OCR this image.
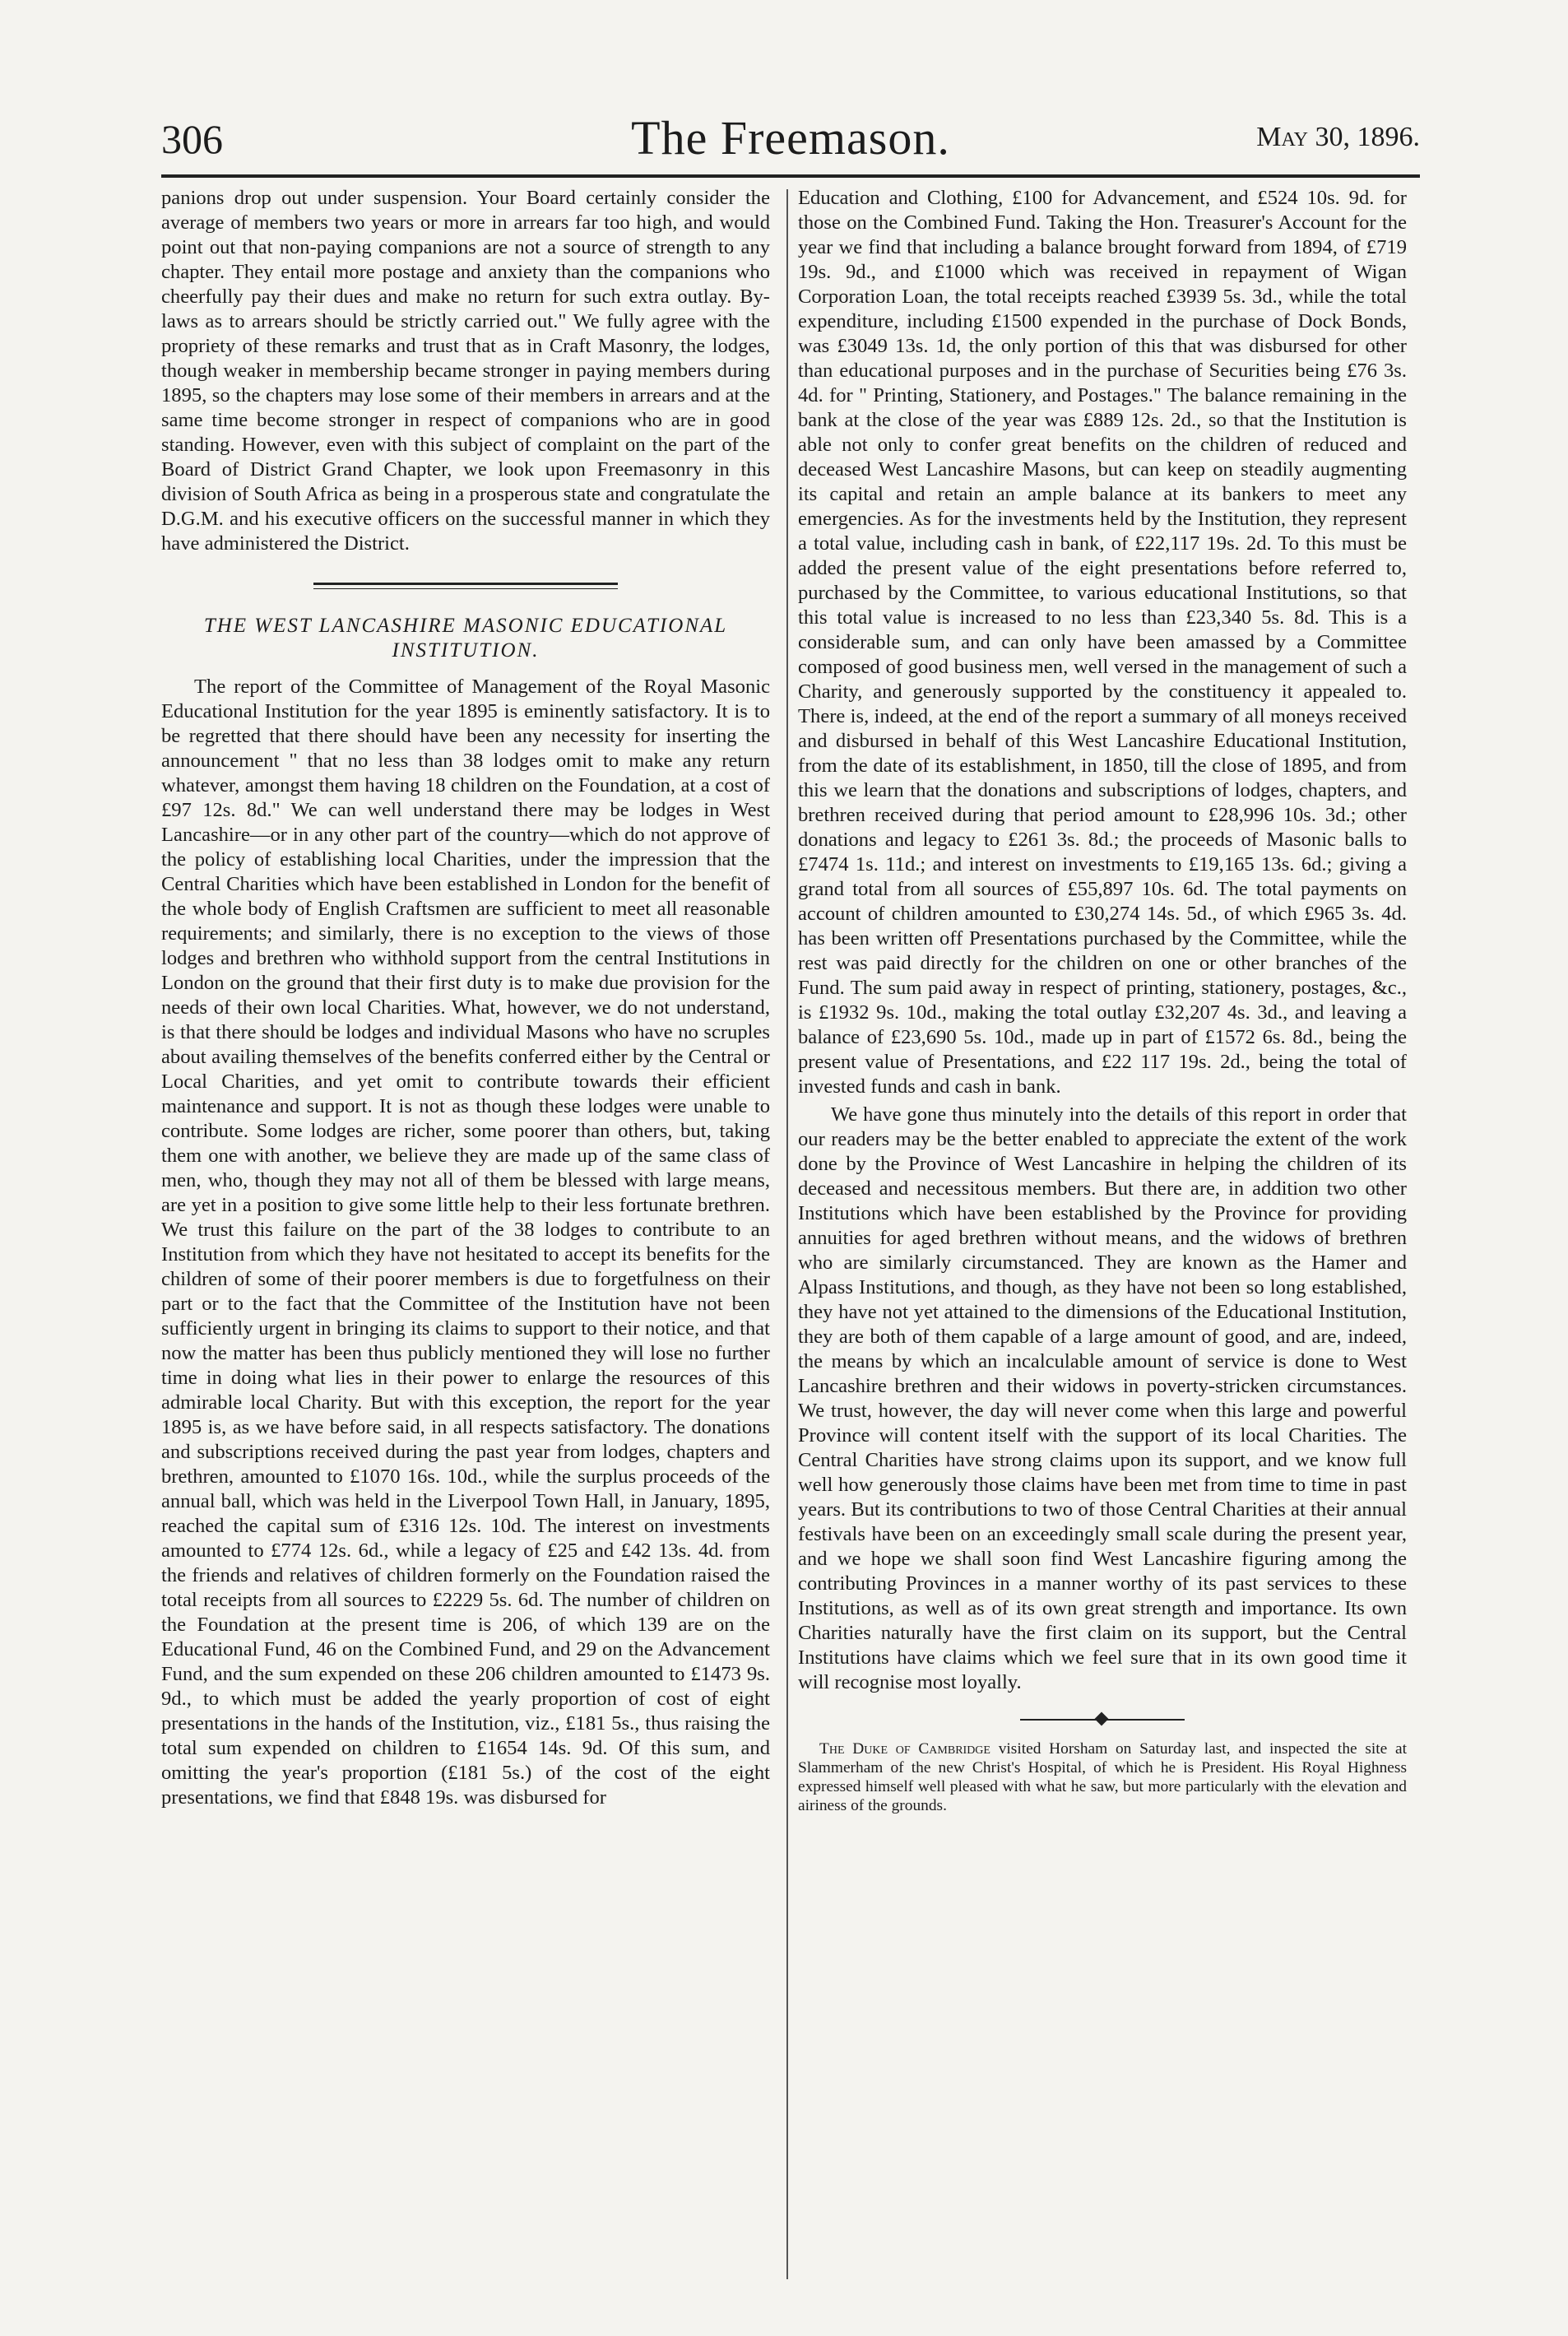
306	The Freemason.	May 30, 1896.

panions drop out under suspension. Your Board certainly consider the average of members two years or more in arrears far too high, and would point out that non-paying companions are not a source of strength to any chapter. They entail more postage and anxiety than the companions who cheerfully pay their dues and make no return for such extra outlay. By-laws as to arrears should be strictly carried out." We fully agree with the propriety of these remarks and trust that as in Craft Masonry, the lodges, though weaker in membership became stronger in paying members during 1895, so the chapters may lose some of their members in arrears and at the same time become stronger in respect of companions who are in good standing. However, even with this subject of complaint on the part of the Board of District Grand Chapter, we look upon Freemasonry in this division of South Africa as being in a prosperous state and congratulate the D.G.M. and his executive officers on the successful manner in which they have administered the District.

THE WEST LANCASHIRE MASONIC EDUCATIONAL INSTITUTION.

The report of the Committee of Management of the Royal Masonic Educational Institution for the year 1895 is eminently satisfactory. It is to be regretted that there should have been any necessity for inserting the announcement " that no less than 38 lodges omit to make any return whatever, amongst them having 18 children on the Foundation, at a cost of £97 12s. 8d." We can well understand there may be lodges in West Lancashire—or in any other part of the country—which do not approve of the policy of establishing local Charities, under the impression that the Central Charities which have been established in London for the benefit of the whole body of English Craftsmen are sufficient to meet all reasonable requirements; and similarly, there is no exception to the views of those lodges and brethren who withhold support from the central Institutions in London on the ground that their first duty is to make due provision for the needs of their own local Charities. What, however, we do not understand, is that there should be lodges and individual Masons who have no scruples about availing themselves of the benefits conferred either by the Central or Local Charities, and yet omit to contribute towards their efficient maintenance and support. It is not as though these lodges were unable to contribute. Some lodges are richer, some poorer than others, but, taking them one with another, we believe they are made up of the same class of men, who, though they may not all of them be blessed with large means, are yet in a position to give some little help to their less fortunate brethren. We trust this failure on the part of the 38 lodges to contribute to an Institution from which they have not hesitated to accept its benefits for the children of some of their poorer members is due to forgetfulness on their part or to the fact that the Committee of the Institution have not been sufficiently urgent in bringing its claims to support to their notice, and that now the matter has been thus publicly mentioned they will lose no further time in doing what lies in their power to enlarge the resources of this admirable local Charity. But with this exception, the report for the year 1895 is, as we have before said, in all respects satisfactory. The donations and subscriptions received during the past year from lodges, chapters and brethren, amounted to £1070 16s. 10d., while the surplus proceeds of the annual ball, which was held in the Liverpool Town Hall, in January, 1895, reached the capital sum of £316 12s. 10d. The interest on investments amounted to £774 12s. 6d., while a legacy of £25 and £42 13s. 4d. from the friends and relatives of children formerly on the Foundation raised the total receipts from all sources to £2229 5s. 6d. The number of children on the Foundation at the present time is 206, of which 139 are on the Educational Fund, 46 on the Combined Fund, and 29 on the Advancement Fund, and the sum expended on these 206 children amounted to £1473 9s. 9d., to which must be added the yearly proportion of cost of eight presentations in the hands of the Institution, viz., £181 5s., thus raising the total sum expended on children to £1654 14s. 9d. Of this sum, and omitting the year's proportion (£181 5s.) of the cost of the eight presentations, we find that £848 19s. was disbursed for

Education and Clothing, £100 for Advancement, and £524 10s. 9d. for those on the Combined Fund. Taking the Hon. Treasurer's Account for the year we find that including a balance brought forward from 1894, of £719 19s. 9d., and £1000 which was received in repayment of Wigan Corporation Loan, the total receipts reached £3939 5s. 3d., while the total expenditure, including £1500 expended in the purchase of Dock Bonds, was £3049 13s. 1d, the only portion of this that was disbursed for other than educational purposes and in the purchase of Securities being £76 3s. 4d. for " Printing, Stationery, and Postages." The balance remaining in the bank at the close of the year was £889 12s. 2d., so that the Institution is able not only to confer great benefits on the children of reduced and deceased West Lancashire Masons, but can keep on steadily augmenting its capital and retain an ample balance at its bankers to meet any emergencies. As for the investments held by the Institution, they represent a total value, including cash in bank, of £22,117 19s. 2d. To this must be added the present value of the eight presentations before referred to, purchased by the Committee, to various educational Institutions, so that this total value is increased to no less than £23,340 5s. 8d. This is a considerable sum, and can only have been amassed by a Committee composed of good business men, well versed in the management of such a Charity, and generously supported by the constituency it appealed to. There is, indeed, at the end of the report a summary of all moneys received and disbursed in behalf of this West Lancashire Educational Institution, from the date of its establishment, in 1850, till the close of 1895, and from this we learn that the donations and subscriptions of lodges, chapters, and brethren received during that period amount to £28,996 10s. 3d.; other donations and legacy to £261 3s. 8d.; the proceeds of Masonic balls to £7474 1s. 11d.; and interest on investments to £19,165 13s. 6d.; giving a grand total from all sources of £55,897 10s. 6d. The total payments on account of children amounted to £30,274 14s. 5d., of which £965 3s. 4d. has been written off Presentations purchased by the Committee, while the rest was paid directly for the children on one or other branches of the Fund. The sum paid away in respect of printing, stationery, postages, &c., is £1932 9s. 10d., making the total outlay £32,207 4s. 3d., and leaving a balance of £23,690 5s. 10d., made up in part of £1572 6s. 8d., being the present value of Presentations, and £22 117 19s. 2d., being the total of invested funds and cash in bank.

We have gone thus minutely into the details of this report in order that our readers may be the better enabled to appreciate the extent of the work done by the Province of West Lancashire in helping the children of its deceased and necessitous members. But there are, in addition two other Institutions which have been established by the Province for providing annuities for aged brethren without means, and the widows of brethren who are similarly circumstanced. They are known as the Hamer and Alpass Institutions, and though, as they have not been so long established, they have not yet attained to the dimensions of the Educational Institution, they are both of them capable of a large amount of good, and are, indeed, the means by which an incalculable amount of service is done to West Lancashire brethren and their widows in poverty-stricken circumstances. We trust, however, the day will never come when this large and powerful Province will content itself with the support of its local Charities. The Central Charities have strong claims upon its support, and we know full well how generously those claims have been met from time to time in past years. But its contributions to two of those Central Charities at their annual festivals have been on an exceedingly small scale during the present year, and we hope we shall soon find West Lancashire figuring among the contributing Provinces in a manner worthy of its past services to these Institutions, as well as of its own great strength and importance. Its own Charities naturally have the first claim on its support, but the Central Institutions have claims which we feel sure that in its own good time it will recognise most loyally.

The Duke of Cambridge visited Horsham on Saturday last, and inspected the site at Slammerham of the new Christ's Hospital, of which he is President. His Royal Highness expressed himself well pleased with what he saw, but more particularly with the elevation and airiness of the grounds.
